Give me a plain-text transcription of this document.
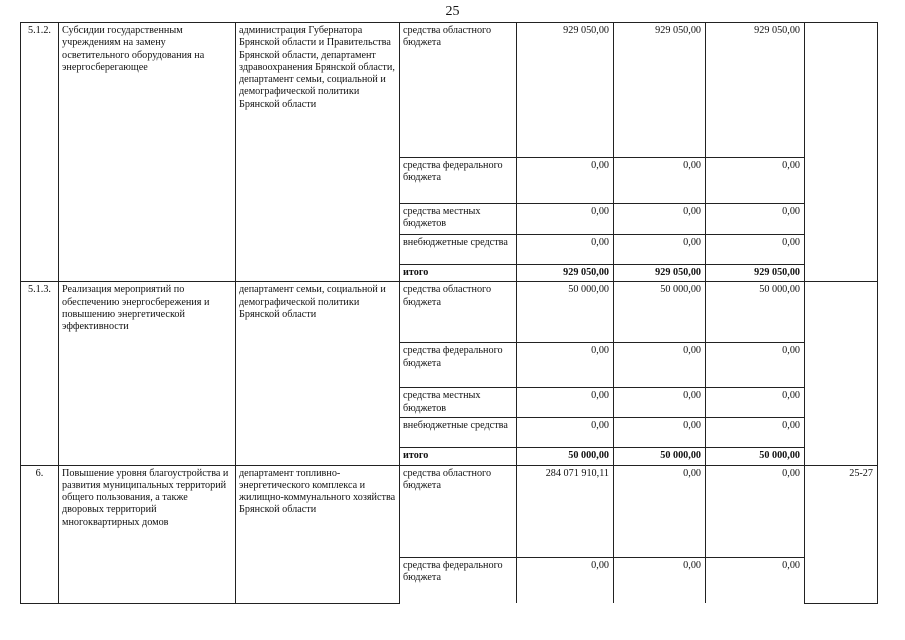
25
5.1.2.	Субсидии государственным учреждениям на замену осветительного оборудования на энергосберегающее	администрация Губернатора Брянской области и Правительства Брянской области, департамент здравоохранения Брянской области, департамент семьи, социальной и демографической политики Брянской области	средства областного бюджета	929 050,00	929 050,00	929 050,00	
			средства федерального бюджета	0,00	0,00	0,00	
			средства местных бюджетов	0,00	0,00	0,00	
			внебюджетные средства	0,00	0,00	0,00	
			итого	929 050,00	929 050,00	929 050,00	
5.1.3.	Реализация мероприятий по обеспечению энергосбережения и повышению энергетической эффективности	департамент семьи, социальной и демографической политики Брянской области	средства областного бюджета	50 000,00	50 000,00	50 000,00	
			средства федерального бюджета	0,00	0,00	0,00	
			средства местных бюджетов	0,00	0,00	0,00	
			внебюджетные средства	0,00	0,00	0,00	
			итого	50 000,00	50 000,00	50 000,00	
6.	Повышение уровня благоустройства и развития муниципальных территорий общего пользования, а также дворовых территорий многоквартирных домов	департамент топливно-энергетического комплекса и жилищно-коммунального хозяйства Брянской области	средства областного бюджета	284 071 910,11	0,00	0,00	25-27
			средства федерального бюджета	0,00	0,00	0,00	
